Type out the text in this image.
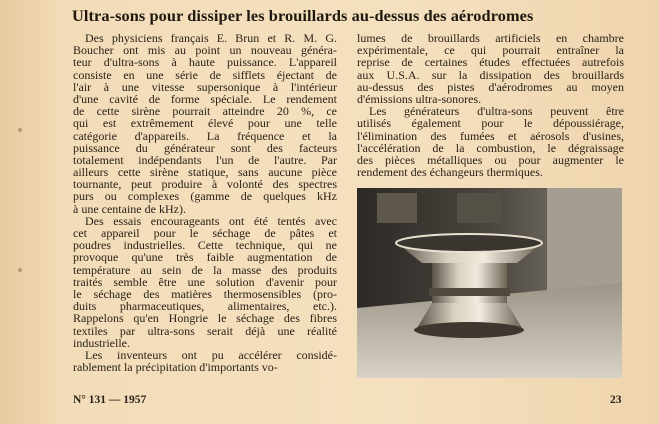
Ultra-sons pour dissiper les brouillards au-dessus des aérodromes
Des physiciens français E. Brun et R. M. G.
Boucher ont mis au point un nouveau généra-
teur d'ultra-sons à haute puissance. L'appareil
consiste en une série de sifflets éjectant de
l'air à une vitesse supersonique à l'intérieur
d'une cavité de forme spéciale. Le rendement
de cette sirène pourrait atteindre 20 %, ce
qui est extrêmement élevé pour une telle
catégorie d'appareils. La fréquence et la
puissance du générateur sont des facteurs
totalement indépendants l'un de l'autre. Par
ailleurs cette sirène statique, sans aucune pièce
tournante, peut produire à volonté des spectres
purs ou complexes (gamme de quelques kHz
à une centaine de kHz).
Des essais encourageants ont été tentés avec
cet appareil pour le séchage de pâtes et
poudres industrielles. Cette technique, qui ne
provoque qu'une très faible augmentation de
température au sein de la masse des produits
traités semble être une solution d'avenir pour
le séchage des matières thermosensibles (pro-
duits pharmaceutiques, alimentaires, etc.).
Rappelons qu'en Hongrie le séchage des fibres
textiles par ultra-sons serait déjà une réalité
industrielle.
Les inventeurs ont pu accélérer considé-
rablement la précipitation d'importants vo-
lumes de brouillards artificiels en chambre
expérimentale, ce qui pourrait entraîner la
reprise de certaines études effectuées autrefois
aux U.S.A. sur la dissipation des brouillards
au-dessus des pistes d'aérodromes au moyen
d'émissions ultra-sonores.
Les générateurs d'ultra-sons peuvent être
utilisés également pour le dépoussiérage,
l'élimination des fumées et aérosols d'usines,
l'accélération de la combustion, le dégraissage
des pièces métalliques ou pour augmenter le
rendement des échangeurs thermiques.
N° 131 — 1957	23
